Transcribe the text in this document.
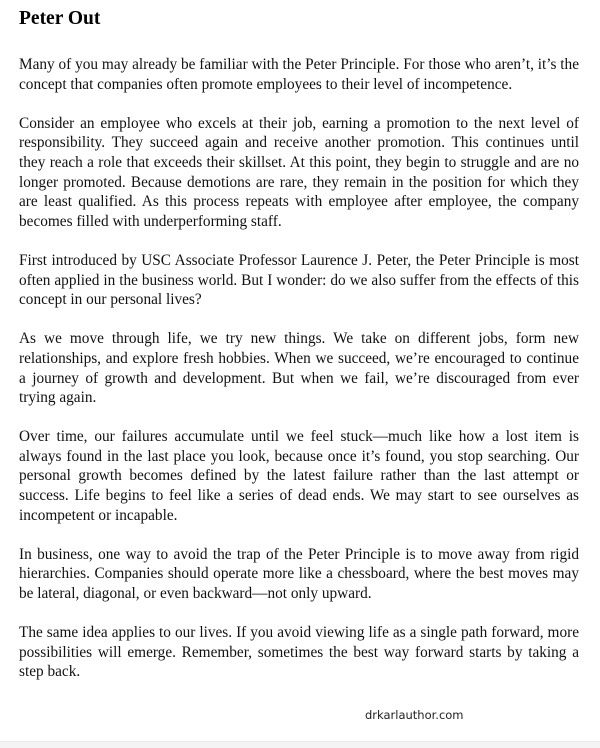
Peter Out

Many of you may already be familiar with the Peter Principle. For those who aren’t, it’s the concept that companies often promote employees to their level of incompetence.

Consider an employee who excels at their job, earning a promotion to the next level of responsibility. They succeed again and receive another promotion. This continues until they reach a role that exceeds their skillset. At this point, they begin to struggle and are no longer promoted. Because demotions are rare, they remain in the position for which they are least qualified. As this process repeats with employee after employee, the company becomes filled with underperforming staff.

First introduced by USC Associate Professor Laurence J. Peter, the Peter Principle is most often applied in the business world. But I wonder: do we also suffer from the effects of this concept in our personal lives?

As we move through life, we try new things. We take on different jobs, form new relationships, and explore fresh hobbies. When we succeed, we’re encouraged to continue a journey of growth and development. But when we fail, we’re discouraged from ever trying again.

Over time, our failures accumulate until we feel stuck—much like how a lost item is always found in the last place you look, because once it’s found, you stop searching. Our personal growth becomes defined by the latest failure rather than the last attempt or success. Life begins to feel like a series of dead ends. We may start to see ourselves as incompetent or incapable.

In business, one way to avoid the trap of the Peter Principle is to move away from rigid hierarchies. Companies should operate more like a chessboard, where the best moves may be lateral, diagonal, or even backward—not only upward.

The same idea applies to our lives. If you avoid viewing life as a single path forward, more possibilities will emerge. Remember, sometimes the best way forward starts by taking a step back.

drkarlauthor.com
